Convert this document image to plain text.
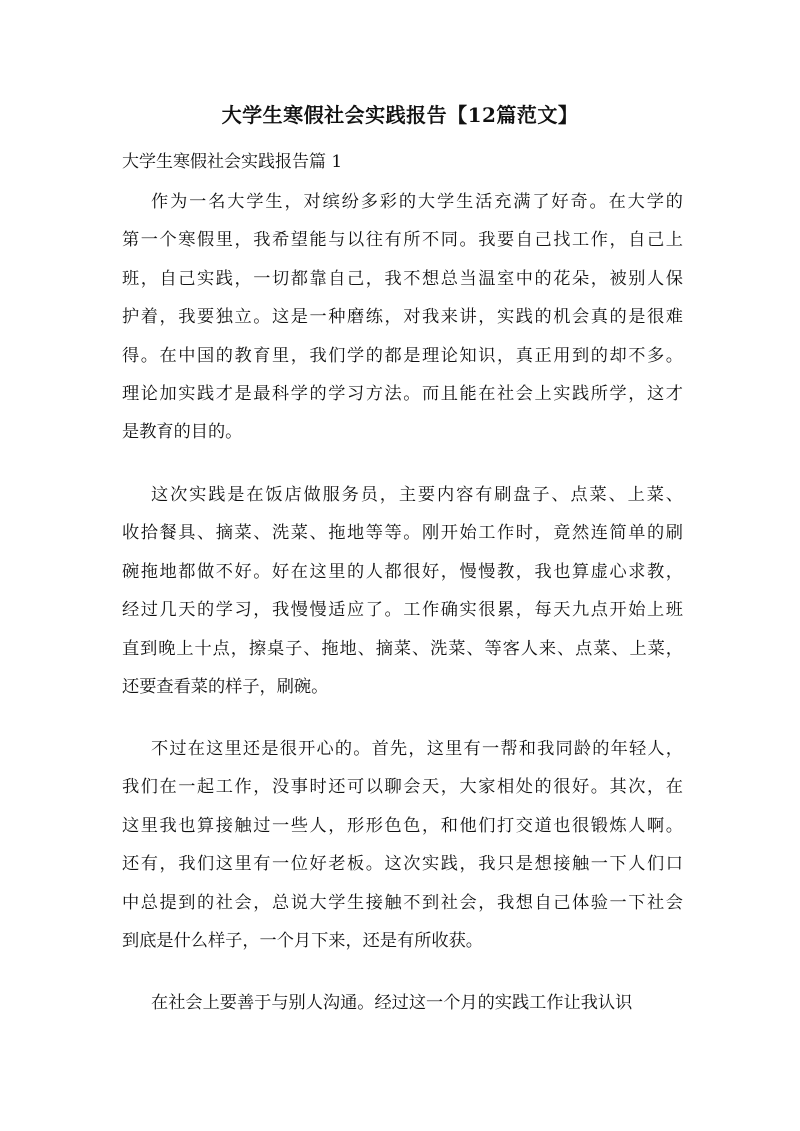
大学生寒假社会实践报告【12篇范文】
大学生寒假社会实践报告篇 1
作为一名大学生，对缤纷多彩的大学生活充满了好奇。在大学的
第一个寒假里，我希望能与以往有所不同。我要自己找工作，自己上
班，自己实践，一切都靠自己，我不想总当温室中的花朵，被别人保
护着，我要独立。这是一种磨练，对我来讲，实践的机会真的是很难
得。在中国的教育里，我们学的都是理论知识，真正用到的却不多。
理论加实践才是最科学的学习方法。而且能在社会上实践所学，这才
是教育的目的。
这次实践是在饭店做服务员，主要内容有刷盘子、点菜、上菜、
收拾餐具、摘菜、洗菜、拖地等等。刚开始工作时，竟然连简单的刷
碗拖地都做不好。好在这里的人都很好，慢慢教，我也算虚心求教，
经过几天的学习，我慢慢适应了。工作确实很累，每天九点开始上班
直到晚上十点，擦桌子、拖地、摘菜、洗菜、等客人来、点菜、上菜，
还要查看菜的样子，刷碗。
不过在这里还是很开心的。首先，这里有一帮和我同龄的年轻人，
我们在一起工作，没事时还可以聊会天，大家相处的很好。其次，在
这里我也算接触过一些人，形形色色，和他们打交道也很锻炼人啊。
还有，我们这里有一位好老板。这次实践，我只是想接触一下人们口
中总提到的社会，总说大学生接触不到社会，我想自己体验一下社会
到底是什么样子，一个月下来，还是有所收获。
在社会上要善于与别人沟通。经过这一个月的实践工作让我认识
